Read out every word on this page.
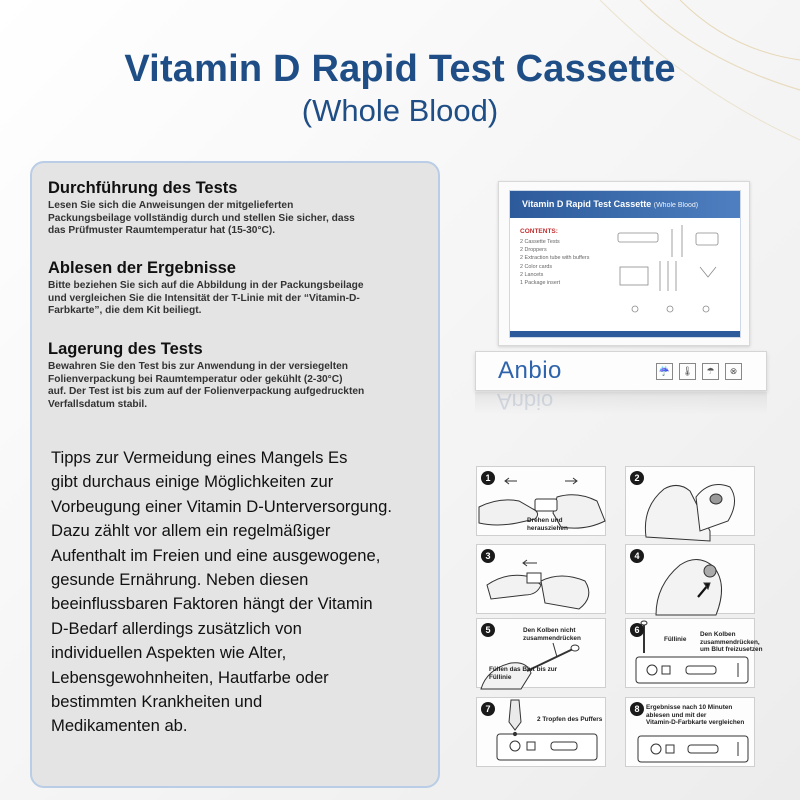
Vitamin D Rapid Test Cassette
(Whole Blood)
Durchführung des Tests
Lesen Sie sich die Anweisungen der mitgelieferten
Packungsbeilage vollständig durch und stellen Sie sicher, dass
das Prüfmuster Raumtemperatur hat (15-30°C).
Ablesen der Ergebnisse
Bitte beziehen Sie sich auf die Abbildung in der Packungsbeilage
und vergleichen Sie die Intensität der T-Linie mit der “Vitamin-D-
Farbkarte”, die dem Kit beiliegt.
Lagerung des Tests
Bewahren Sie den Test bis zur Anwendung in der versiegelten
Folienverpackung bei Raumtemperatur oder gekühlt (2-30°C)
auf. Der Test ist bis zum auf der Folienverpackung aufgedruckten
Verfallsdatum stabil.
Tipps zur Vermeidung eines Mangels Es
gibt durchaus einige Möglichkeiten zur
Vorbeugung einer Vitamin D-Unterversorgung.
Dazu zählt vor allem ein regelmäßiger
Aufenthalt im Freien und eine ausgewogene,
gesunde Ernährung. Neben diesen
beeinflussbaren Faktoren hängt der Vitamin
D-Bedarf allerdings zusätzlich von
individuellen Aspekten wie Alter,
Lebensgewohnheiten, Hautfarbe oder
bestimmten Krankheiten und
Medikamenten ab.
Vitamin D Rapid Test Cassette (Whole Blood)
CONTENTS:
2 Cassette Tests
2 Droppers
2 Extraction tube with buffers
2 Color cards
2 Lancets
1 Package insert
Anbio	☔	🌡	☂	⊗
Anbio
1
Drehen und
herausziehen
2
3	4
5	Den Kolben nicht
zusammendrücken
Füllen das Blut bis zur
Füllinie
6
Füllinie
Den Kolben
zusammendrücken,
um Blut freizusetzen
7
2 Tropfen des Puffers
8	Ergebnisse nach 10 Minuten
ablesen und mit der
Vitamin-D-Farbkarte vergleichen
